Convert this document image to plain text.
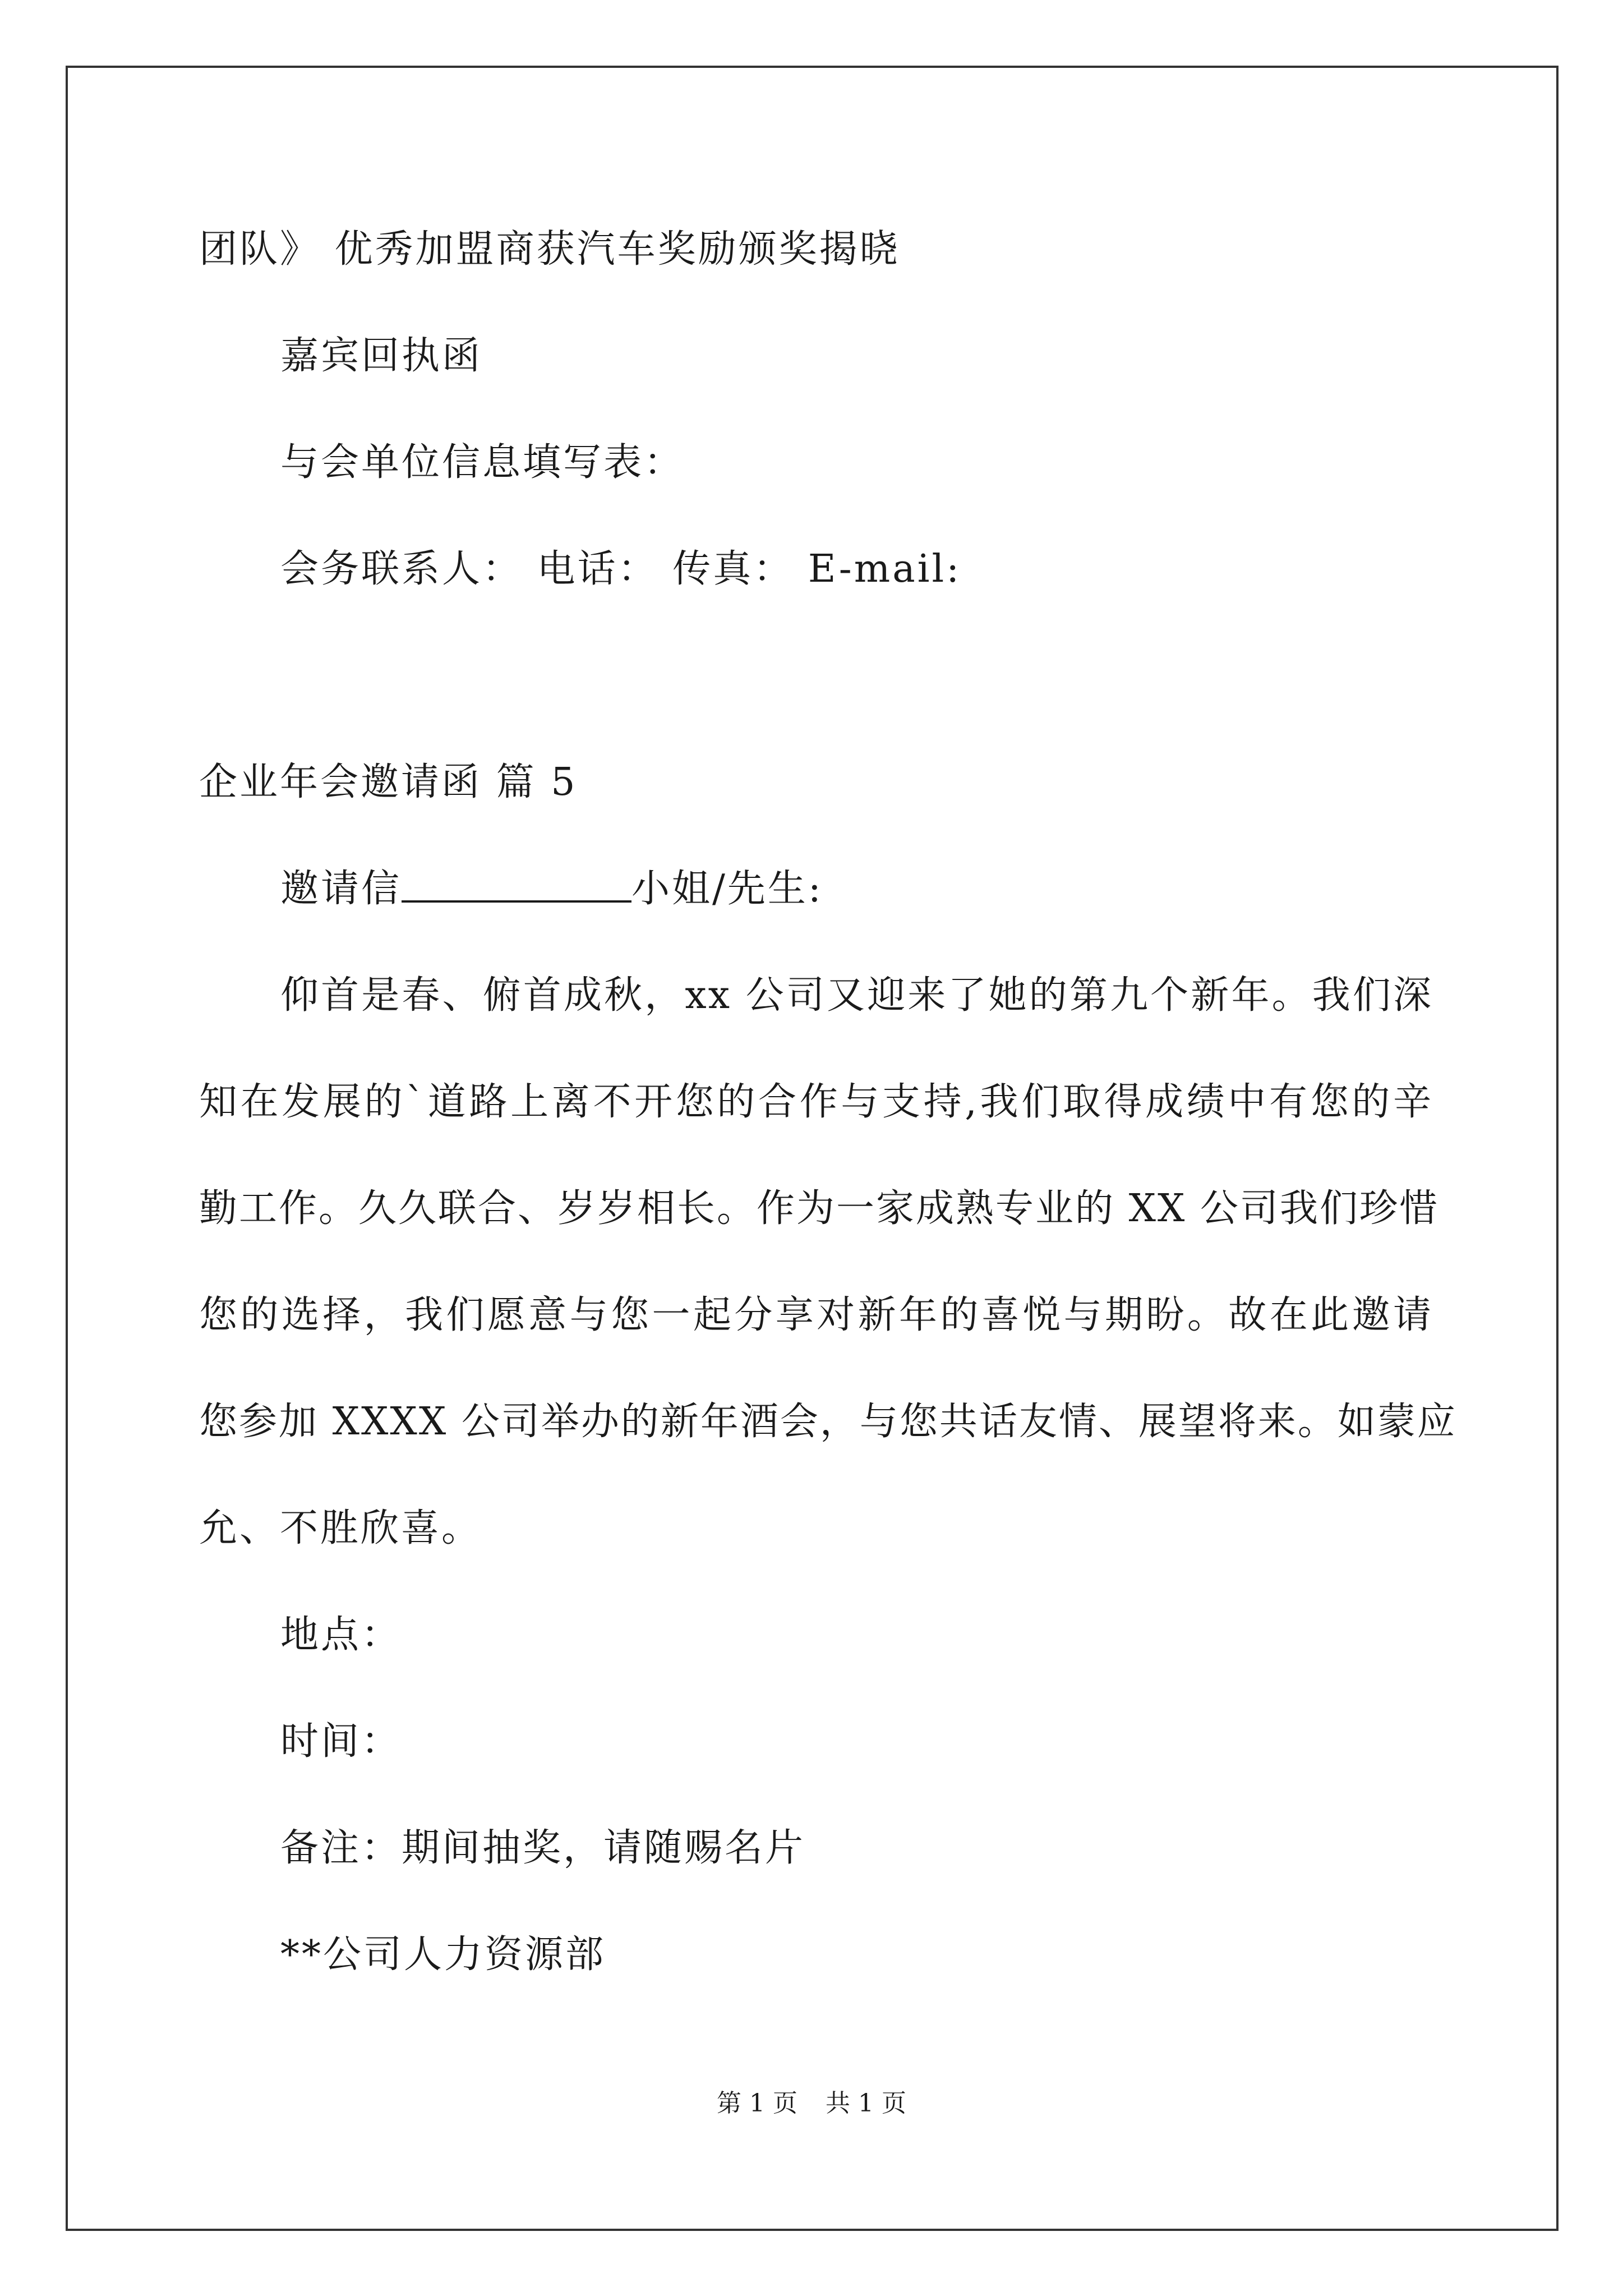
团队》 优秀加盟商获汽车奖励颁奖揭晓
嘉宾回执函
与会单位信息填写表：
会务联系人： 电话： 传真： E-mail:
企业年会邀请函 篇 5
邀请信	小姐/先生:
仰首是春、俯首成秋，xx 公司又迎来了她的第九个新年。我们深
知在发展的`道路上离不开您的合作与支持,我们取得成绩中有您的辛
勤工作。久久联合、岁岁相长。作为一家成熟专业的 XX 公司我们珍惜
您的选择，我们愿意与您一起分享对新年的喜悦与期盼。故在此邀请
您参加 XXXX 公司举办的新年酒会，与您共话友情、展望将来。如蒙应
允、不胜欣喜。
地点：
时间：
备注：期间抽奖，请随赐名片
**公司人力资源部
第 1 页 共 1 页
